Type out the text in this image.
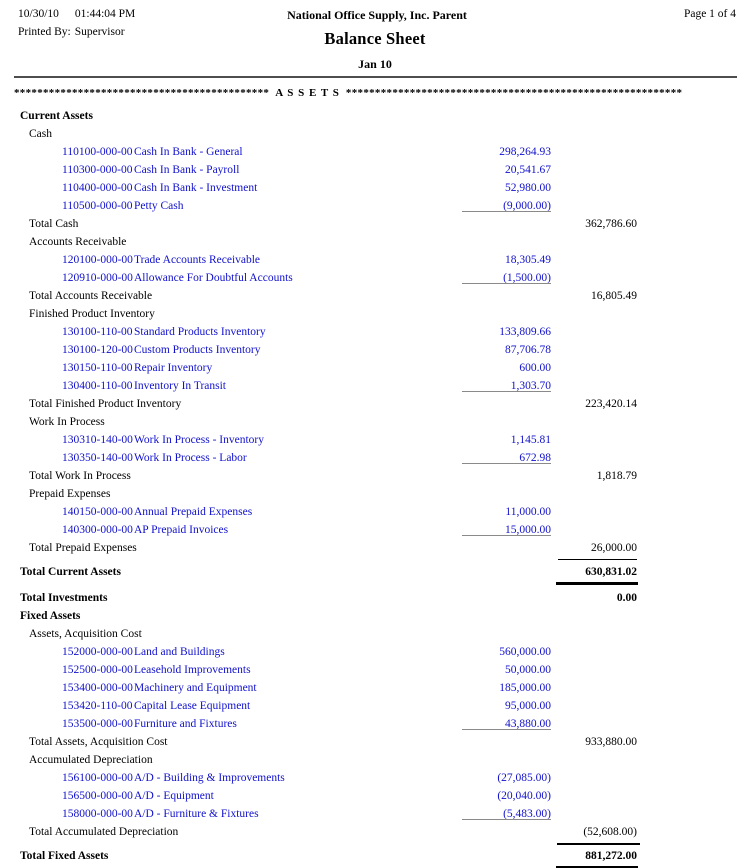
10/30/10 01:44:04 PM	National Office Supply, Inc. Parent	Page 1 of 4
Printed By: Supervisor	Balance Sheet
Jan 10
******************************************** A S S E T S **********************************************************
Current Assets
Cash
110100-000-00 Cash In Bank - General	298,264.93
110300-000-00 Cash In Bank - Payroll	20,541.67
110400-000-00 Cash In Bank - Investment	52,980.00
110500-000-00 Petty Cash	(9,000.00)
Total Cash	362,786.60
Accounts Receivable
120100-000-00Trade Accounts Receivable	18,305.49
120910-000-00Allowance For Doubtful Accounts	(1,500.00)
Total Accounts Receivable	16,805.49
Finished Product Inventory
130100-110-00 Standard Products Inventory	133,809.66
130100-120-00Custom Products Inventory	87,706.78
130150-110-00 Repair Inventory	600.00
130400-110-00 Inventory In Transit	1,303.70
Total Finished Product Inventory	223,420.14
Work In Process
130310-140-00Work In Process - Inventory	1,145.81
130350-140-00Work In Process - Labor	672.98
Total Work In Process	1,818.79
Prepaid Expenses
140150-000-00Annual Prepaid Expenses	11,000.00
140300-000-00AP Prepaid Invoices	15,000.00
Total Prepaid Expenses	26,000.00
Total Current Assets	630,831.02
Total Investments	0.00
Fixed Assets
Assets, Acquisition Cost
152000-000-00Land and Buildings	560,000.00
152500-000-00Leasehold Improvements	50,000.00
153400-000-00Machinery and Equipment	185,000.00
153420-110-00 Capital Lease Equipment	95,000.00
153500-000-00Furniture and Fixtures	43,880.00
Total Assets, Acquisition Cost	933,880.00
Accumulated Depreciation
156100-000-00A/D - Building & Improvements	(27,085.00)
156500-000-00A/D - Equipment	(20,040.00)
158000-000-00A/D - Furniture & Fixtures	(5,483.00)
Total Accumulated Depreciation	(52,608.00)
Total Fixed Assets	881,272.00
